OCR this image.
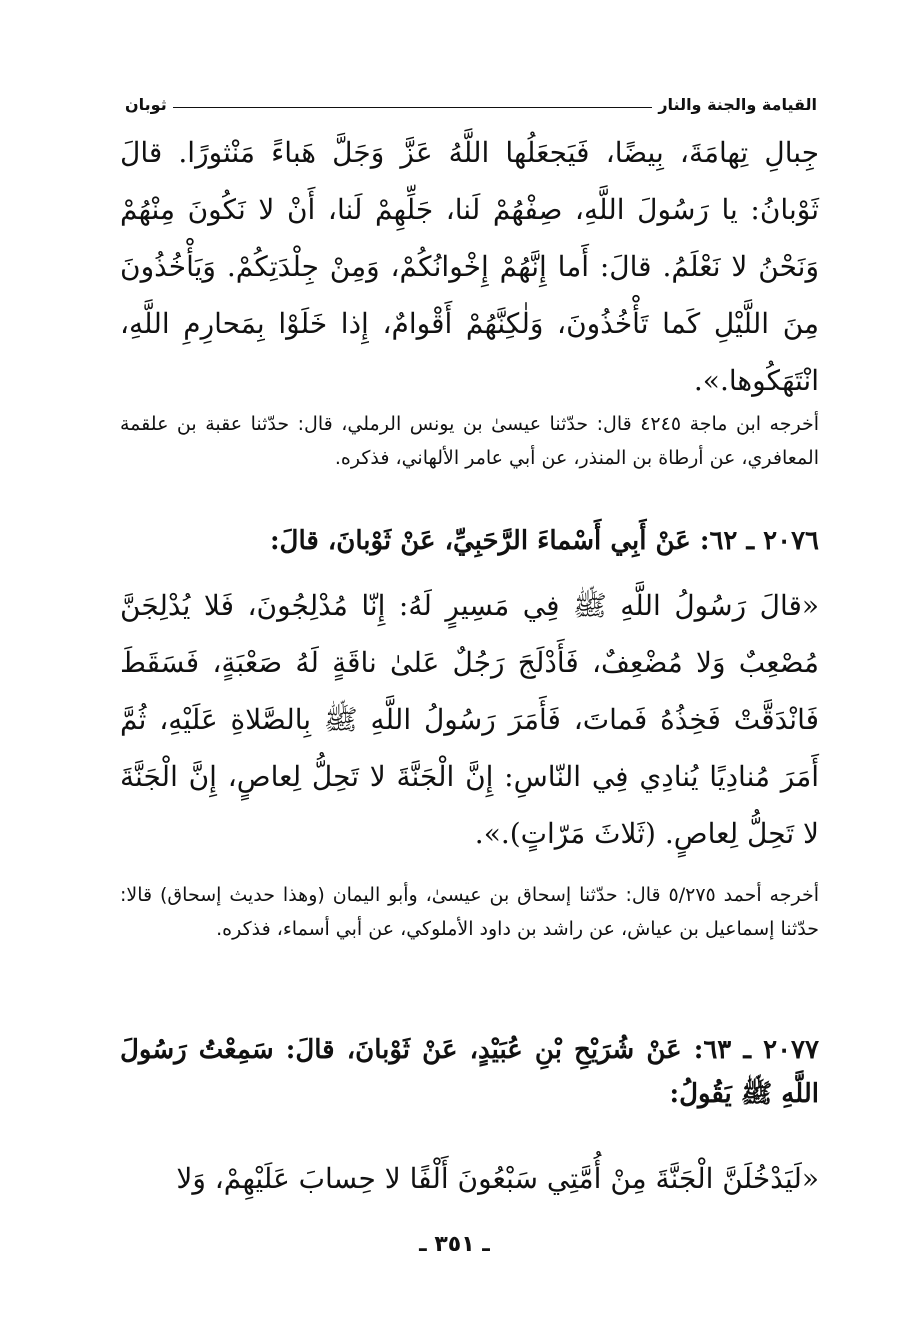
القيامة والجنة والنار
ثوبان
جِبالِ تِهامَةَ، بِيضًا، فَيَجعَلُها اللَّهُ عَزَّ وَجَلَّ هَباءً مَنْثورًا. قالَ ثَوْبانُ: يا رَسُولَ اللَّهِ، صِفْهُمْ لَنا، جَلِّهِمْ لَنا، أَنْ لا نَكُونَ مِنْهُمْ وَنَحْنُ لا نَعْلَمُ. قالَ: أَما إِنَّهُمْ إِخْوانُكُمْ، وَمِنْ جِلْدَتِكُمْ. وَيَأْخُذُونَ مِنَ اللَّيْلِ كَما تَأْخُذُونَ، وَلٰكِنَّهُمْ أَقْوامٌ، إِذا خَلَوْا بِمَحارِمِ اللَّهِ، انْتَهَكُوها.».
أخرجه ابن ماجة ٤٢٤٥ قال: حدّثنا عيسىٰ بن يونس الرملي، قال: حدّثنا عقبة بن علقمة المعافري، عن أرطاة بن المنذر، عن أبي عامر الألهاني، فذكره.
٢٠٧٦ ـ ٦٢: عَنْ أَبِي أَسْماءَ الرَّحَبِيِّ، عَنْ ثَوْبانَ، قالَ:
«قالَ رَسُولُ اللَّهِ ﷺ فِي مَسِيرٍ لَهُ: إِنّا مُدْلِجُونَ، فَلا يُدْلِجَنَّ مُصْعِبٌ وَلا مُضْعِفٌ، فَأَدْلَجَ رَجُلٌ عَلىٰ ناقَةٍ لَهُ صَعْبَةٍ، فَسَقَطَ فَانْدَقَّتْ فَخِذُهُ فَماتَ، فَأَمَرَ رَسُولُ اللَّهِ ﷺ بِالصَّلاةِ عَلَيْهِ، ثُمَّ أَمَرَ مُنادِيًا يُنادِي فِي النّاسِ: إِنَّ الْجَنَّةَ لا تَحِلُّ لِعاصٍ، إِنَّ الْجَنَّةَ لا تَحِلُّ لِعاصٍ. (ثَلاثَ مَرّاتٍ).».
أخرجه أحمد ٥/٢٧٥ قال: حدّثنا إسحاق بن عيسىٰ، وأبو اليمان (وهذا حديث إسحاق) قالا: حدّثنا إسماعيل بن عياش، عن راشد بن داود الأملوكي، عن أبي أسماء، فذكره.
٢٠٧٧ ـ ٦٣: عَنْ شُرَيْحِ بْنِ عُبَيْدٍ، عَنْ ثَوْبانَ، قالَ: سَمِعْتُ رَسُولَ اللَّهِ ﷺ يَقُولُ:
«لَيَدْخُلَنَّ الْجَنَّةَ مِنْ أُمَّتِي سَبْعُونَ أَلْفًا لا حِسابَ عَلَيْهِمْ، وَلا
ـ ٣٥١ ـ
